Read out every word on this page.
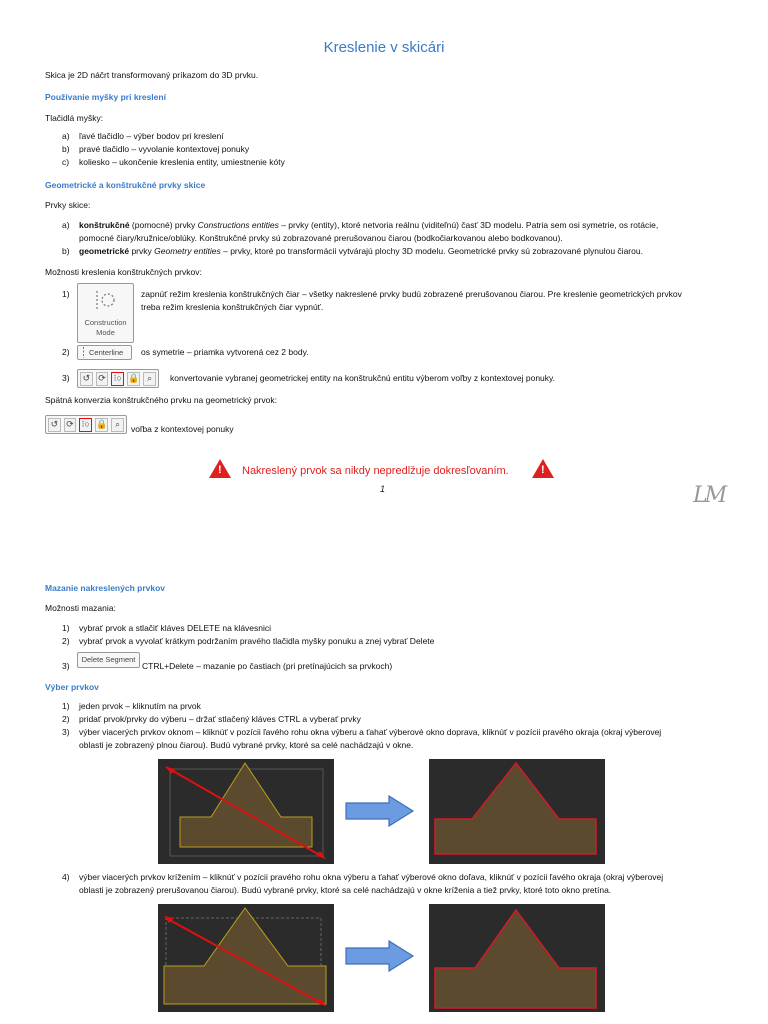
Kreslenie v skicári
Skica je 2D náčrt transformovaný príkazom do 3D prvku.
Používanie myšky pri kreslení
Tlačidlá myšky:
a) ľavé tlačidlo – výber bodov pri kreslení
b) pravé tlačidlo – vyvolanie kontextovej ponuky
c) koliesko – ukončenie kreslenia entity, umiestnenie kóty
Geometrické a konštrukčné prvky skice
Prvky skice:
a) konštrukčné (pomocné) prvky Constructions entities – prvky (entity), ktoré netvoria reálnu (viditeľnú) časť 3D modelu. Patria sem osi symetrie, os rotácie,
pomocné čiary/kružnice/oblúky. Konštrukčné prvky sú zobrazované prerušovanou čiarou (bodkočiarkovanou alebo bodkovanou).
b) geometrické prvky Geometry entities – prvky, ktoré po transformácii vytvárajú plochy 3D modelu. Geometrické prvky sú zobrazované plynulou čiarou.
Možnosti kreslenia konštrukčných prvkov:
1)
Construction
Mode
zapnúť režim kreslenia konštrukčných čiar – všetky nakreslené prvky budú zobrazené prerušovanou čiarou. Pre kreslenie geometrických prvkov
treba režim kreslenia konštrukčných čiar vypnúť.
2)	Centerline os symetrie – priamka vytvorená cez 2 body.
3) ↺ ⟳ ⁝○ 🔒 ⌕	konvertovanie vybranej geometrickej entity na konštrukčnú entitu výberom voľby z kontextovej ponuky.
Spätná konverzia konštrukčného prvku na geometrický prvok:
↺ ⟳ ⁝○ 🔒 ⌕	voľba z kontextovej ponuky
! Nakreslený prvok sa nikdy nepredlžuje dokresľovaním.	!
1	LM
Mazanie nakreslených prvkov
Možnosti mazania:
1) vybrať prvok a stlačiť kláves DELETE na klávesnici
2) vybrať prvok a vyvolať krátkym podržaním pravého tlačidla myšky ponuku a znej vybrať Delete
3)
Delete Segment
CTRL+Delete – mazanie po častiach (pri pretínajúcich sa prvkoch)
Výber prvkov
1) jeden prvok – kliknutím na prvok
2) pridať prvok/prvky do výberu – držať stlačený kláves CTRL a vyberať prvky
3) výber viacerých prvkov oknom – kliknúť v pozícii ľavého rohu okna výberu a ťahať výberové okno doprava, kliknúť v pozícii pravého okraja (okraj výberovej
oblasti je zobrazený plnou čiarou). Budú vybrané prvky, ktoré sa celé nachádzajú v okne.
4) výber viacerých prvkov krížením – kliknúť v pozícii pravého rohu okna výberu a ťahať výberové okno doľava, kliknúť v pozícii ľavého okraja (okraj výberovej
oblasti je zobrazený prerušovanou čiarou). Budú vybrané prvky, ktoré sa celé nachádzajú v okne kríženia a tiež prvky, ktoré toto okno pretína.
